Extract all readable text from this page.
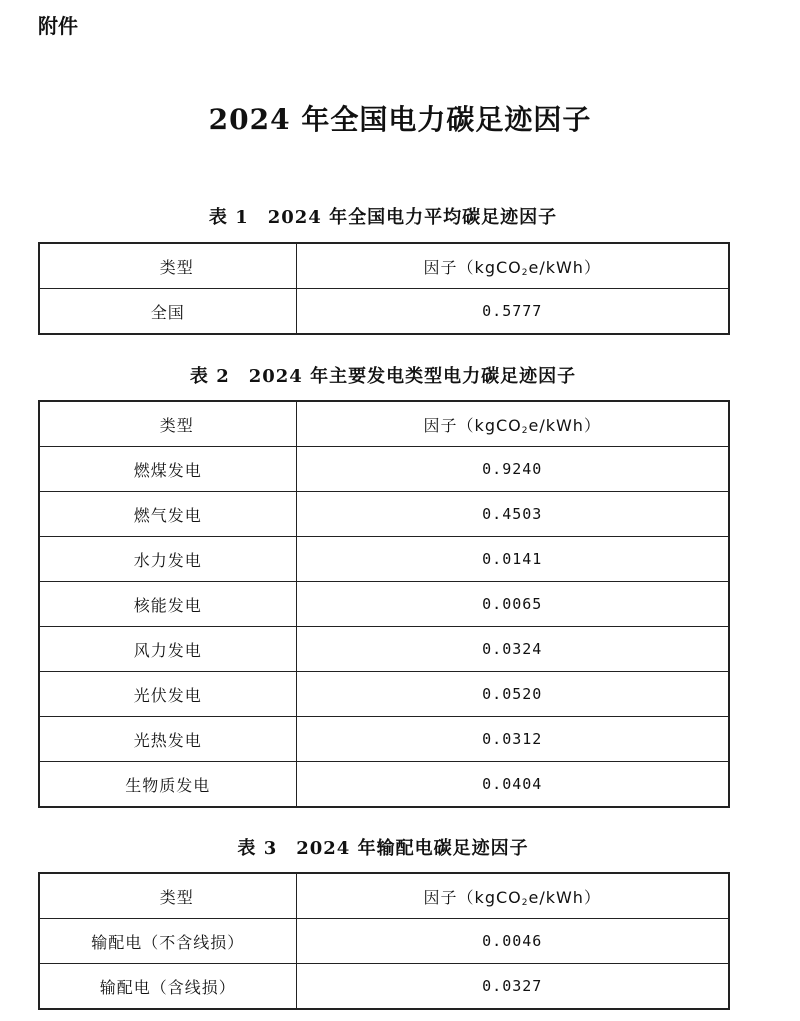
附件
2024 年全国电力碳足迹因子
表 1　2024 年全国电力平均碳足迹因子
类型	因子（kgCO$_2$e/kWh）
全国	0.5777
表 2　2024 年主要发电类型电力碳足迹因子
类型	因子（kgCO$_2$e/kWh）
燃煤发电	0.9240
燃气发电	0.4503
水力发电	0.0141
核能发电	0.0065
风力发电	0.0324
光伏发电	0.0520
光热发电	0.0312
生物质发电	0.0404
表 3　2024 年输配电碳足迹因子
类型	因子（kgCO$_2$e/kWh）
输配电（不含线损）	0.0046
输配电（含线损）	0.0327
